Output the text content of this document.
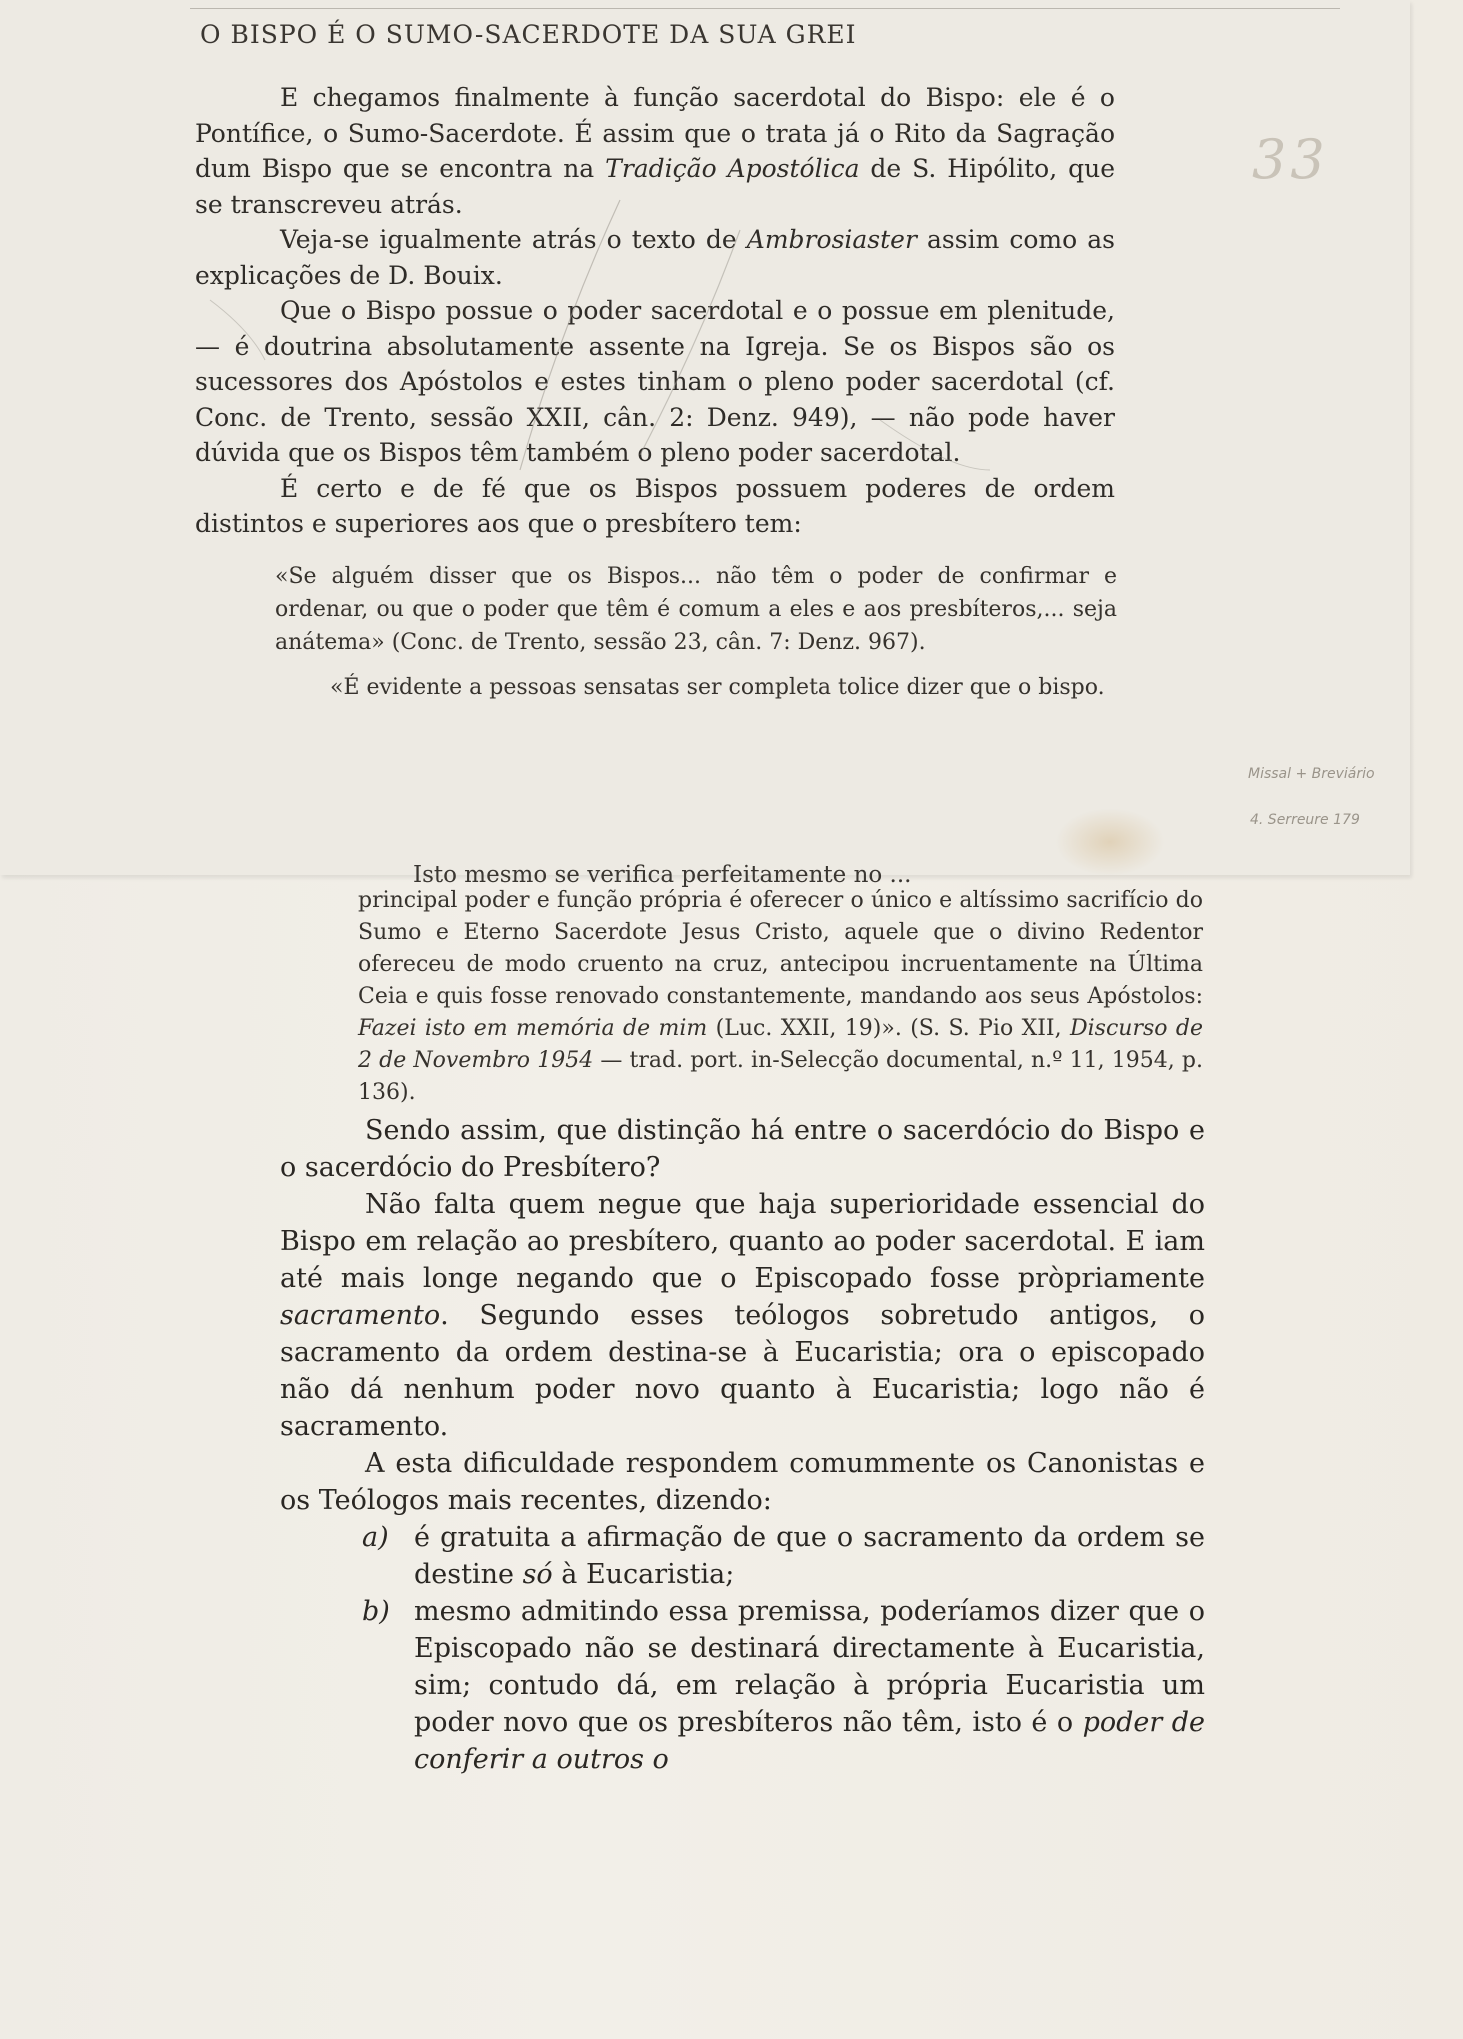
O BISPO É O SUMO-SACERDOTE DA SUA GREI

E chegamos finalmente à função sacerdotal do Bispo: ele é o Pontífice, o Sumo-Sacerdote. É assim que o trata já o Rito da Sagração dum Bispo que se encontra na Tradição Apostólica de S. Hipólito, que se transcreveu atrás.

Veja-se igualmente atrás o texto de Ambrosiaster assim como as explicações de D. Bouix.

Que o Bispo possue o poder sacerdotal e o possue em plenitude, — é doutrina absolutamente assente na Igreja. Se os Bispos são os sucessores dos Apóstolos e estes tinham o pleno poder sacerdotal (cf. Conc. de Trento, sessão XXII, cân. 2: Denz. 949), — não pode haver dúvida que os Bispos têm também o pleno poder sacerdotal.

É certo e de fé que os Bispos possuem poderes de ordem distintos e superiores aos que o presbítero tem:

«Se alguém disser que os Bispos... não têm o poder de confirmar e ordenar, ou que o poder que têm é comum a eles e aos presbíteros,... seja anátema» (Conc. de Trento, sessão 23, cân. 7: Denz. 967).
«É evidente a pessoas sensatas ser completa tolice dizer que o bispo.
33
Missal + Breviário
4. Serreure 179
Isto mesmo se verifica perfeitamente no ...

principal poder e função própria é oferecer o único e altíssimo sacrifício do Sumo e Eterno Sacerdote Jesus Cristo, aquele que o divino Redentor ofereceu de modo cruento na cruz, antecipou incruentamente na Última Ceia e quis fosse renovado constantemente, mandando aos seus Apóstolos: Fazei isto em memória de mim (Luc. XXII, 19)». (S. S. Pio XII, Discurso de 2 de Novembro 1954 — trad. port. in-Selecção documental, n.º 11, 1954, p. 136).

Sendo assim, que distinção há entre o sacerdócio do Bispo e o sacerdócio do Presbítero?

Não falta quem negue que haja superioridade essencial do Bispo em relação ao presbítero, quanto ao poder sacerdotal. E iam até mais longe negando que o Episcopado fosse pròpriamente sacramento. Segundo esses teólogos sobretudo antigos, o sacramento da ordem destina-se à Eucaristia; ora o episcopado não dá nenhum poder novo quanto à Eucaristia; logo não é sacramento.

A esta dificuldade respondem comummente os Canonistas e os Teólogos mais recentes, dizendo:

a) é gratuita a afirmação de que o sacramento da ordem se destine só à Eucaristia;
b) mesmo admitindo essa premissa, poderíamos dizer que o Episcopado não se destinará directamente à Eucaristia, sim; contudo dá, em relação à própria Eucaristia um poder novo que os presbíteros não têm, isto é o poder de conferir a outros o
